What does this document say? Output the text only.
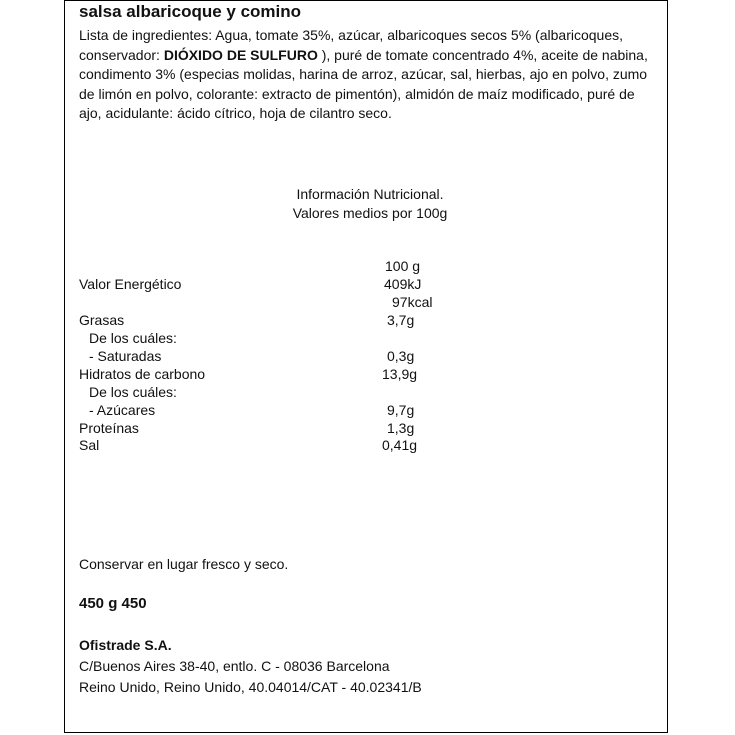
salsa albaricoque y comino
Lista de ingredientes: Agua, tomate 35%, azúcar, albaricoques secos 5% (albaricoques, conservador: DIÓXIDO DE SULFURO ), puré de tomate concentrado 4%, aceite de nabina, condimento 3% (especias molidas, harina de arroz, azúcar, sal, hierbas, ajo en polvo, zumo de limón en polvo, colorante: extracto de pimentón), almidón de maíz modificado, puré de ajo, acidulante: ácido cítrico, hoja de cilantro seco.
Información Nutricional.
Valores medios por 100g
100 g
Valor Energético	409kJ
97kcal
Grasas	3,7g
De los cuáles:
- Saturadas	0,3g
Hidratos de carbono	13,9g
De los cuáles:
- Azúcares	9,7g
Proteínas	1,3g
Sal	0,41g
Conservar en lugar fresco y seco.
450 g 450
Ofistrade S.A.
C/Buenos Aires 38-40, entlo. C - 08036 Barcelona
Reino Unido, Reino Unido, 40.04014/CAT - 40.02341/B
